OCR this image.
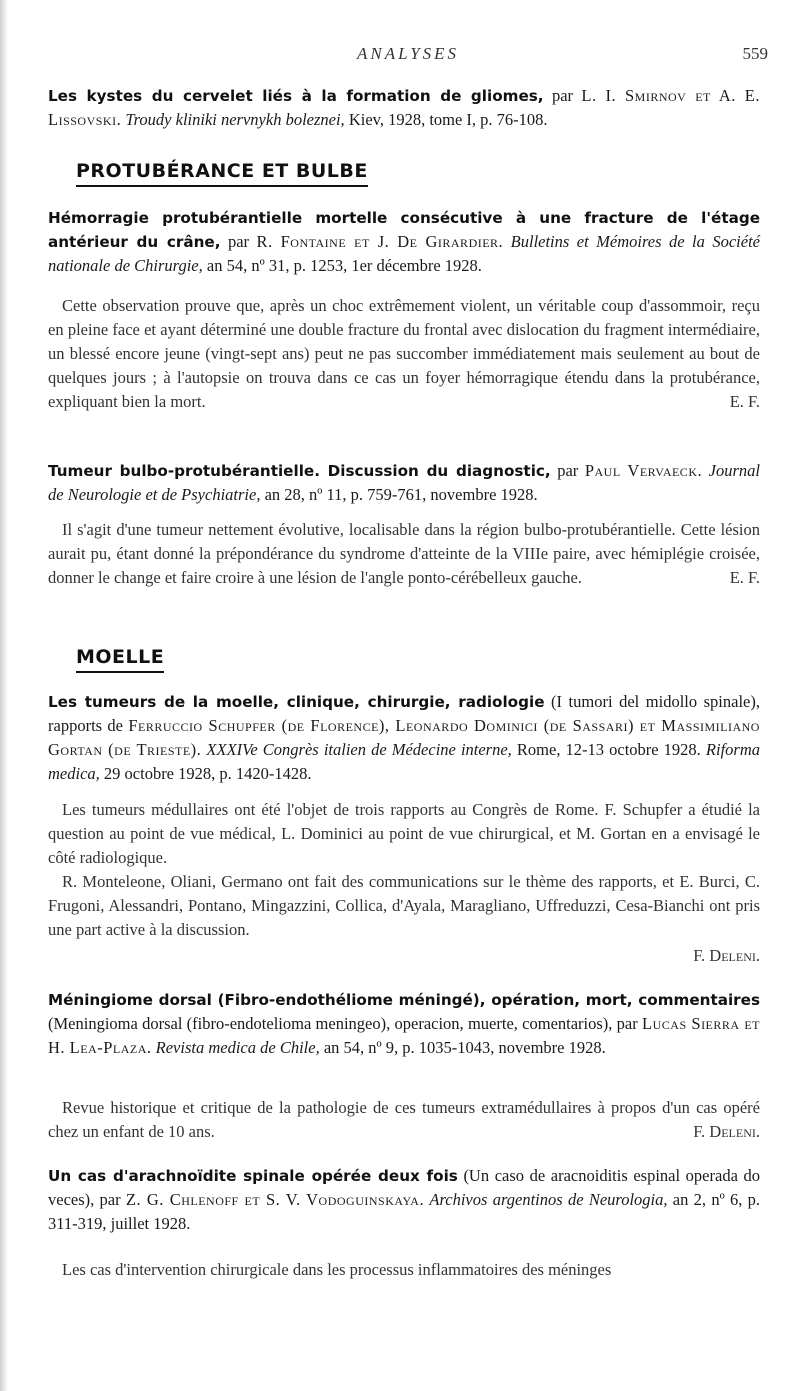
ANALYSES	559
Les kystes du cervelet liés à la formation de gliomes, par L. I. Smirnov et A. E. Lissovski. Troudy kliniki nervnykh boleznei, Kiev, 1928, tome I, p. 76-108.
PROTUBÉRANCE ET BULBE
Hémorragie protubérantielle mortelle consécutive à une fracture de l'étage antérieur du crâne, par R. Fontaine et J. De Girardier. Bulletins et Mémoires de la Société nationale de Chirurgie, an 54, nº 31, p. 1253, 1er décembre 1928.
Cette observation prouve que, après un choc extrêmement violent, un véritable coup d'assommoir, reçu en pleine face et ayant déterminé une double fracture du frontal avec dislocation du fragment intermédiaire, un blessé encore jeune (vingt-sept ans) peut ne pas succomber immédiatement mais seulement au bout de quelques jours ; à l'autopsie on trouva dans ce cas un foyer hémorragique étendu dans la protubérance, expliquant bien la mort.	E. F.
Tumeur bulbo-protubérantielle. Discussion du diagnostic, par Paul Vervaeck. Journal de Neurologie et de Psychiatrie, an 28, nº 11, p. 759-761, novembre 1928.
Il s'agit d'une tumeur nettement évolutive, localisable dans la région bulbo-protubérantielle. Cette lésion aurait pu, étant donné la prépondérance du syndrome d'atteinte de la VIIIe paire, avec hémiplégie croisée, donner le change et faire croire à une lésion de l'angle ponto-cérébelleux gauche.	E. F.
MOELLE
Les tumeurs de la moelle, clinique, chirurgie, radiologie (I tumori del midollo spinale), rapports de Ferruccio Schupfer (de Florence), Leonardo Dominici (de Sassari) et Massimiliano Gortan (de Trieste). XXXIVe Congrès italien de Médecine interne, Rome, 12-13 octobre 1928. Riforma medica, 29 octobre 1928, p. 1420-1428.
Les tumeurs médullaires ont été l'objet de trois rapports au Congrès de Rome. F. Schupfer a étudié la question au point de vue médical, L. Dominici au point de vue chirurgical, et M. Gortan en a envisagé le côté radiologique.
R. Monteleone, Oliani, Germano ont fait des communications sur le thème des rapports, et E. Burci, C. Frugoni, Alessandri, Pontano, Mingazzini, Collica, d'Ayala, Maragliano, Uffreduzzi, Cesa-Bianchi ont pris une part active à la discussion.
F. Deleni.
Méningiome dorsal (Fibro-endothéliome méningé), opération, mort, commentaires (Meningioma dorsal (fibro-endotelioma meningeo), operacion, muerte, comentarios), par Lucas Sierra et H. Lea-Plaza. Revista medica de Chile, an 54, nº 9, p. 1035-1043, novembre 1928.
Revue historique et critique de la pathologie de ces tumeurs extramédullaires à propos d'un cas opéré chez un enfant de 10 ans.	F. Deleni.
Un cas d'arachnoïdite spinale opérée deux fois (Un caso de aracnoiditis espinal operada do veces), par Z. G. Chlenoff et S. V. Vodoguinskaya. Archivos argentinos de Neurologia, an 2, nº 6, p. 311-319, juillet 1928.
Les cas d'intervention chirurgicale dans les processus inflammatoires des méninges
